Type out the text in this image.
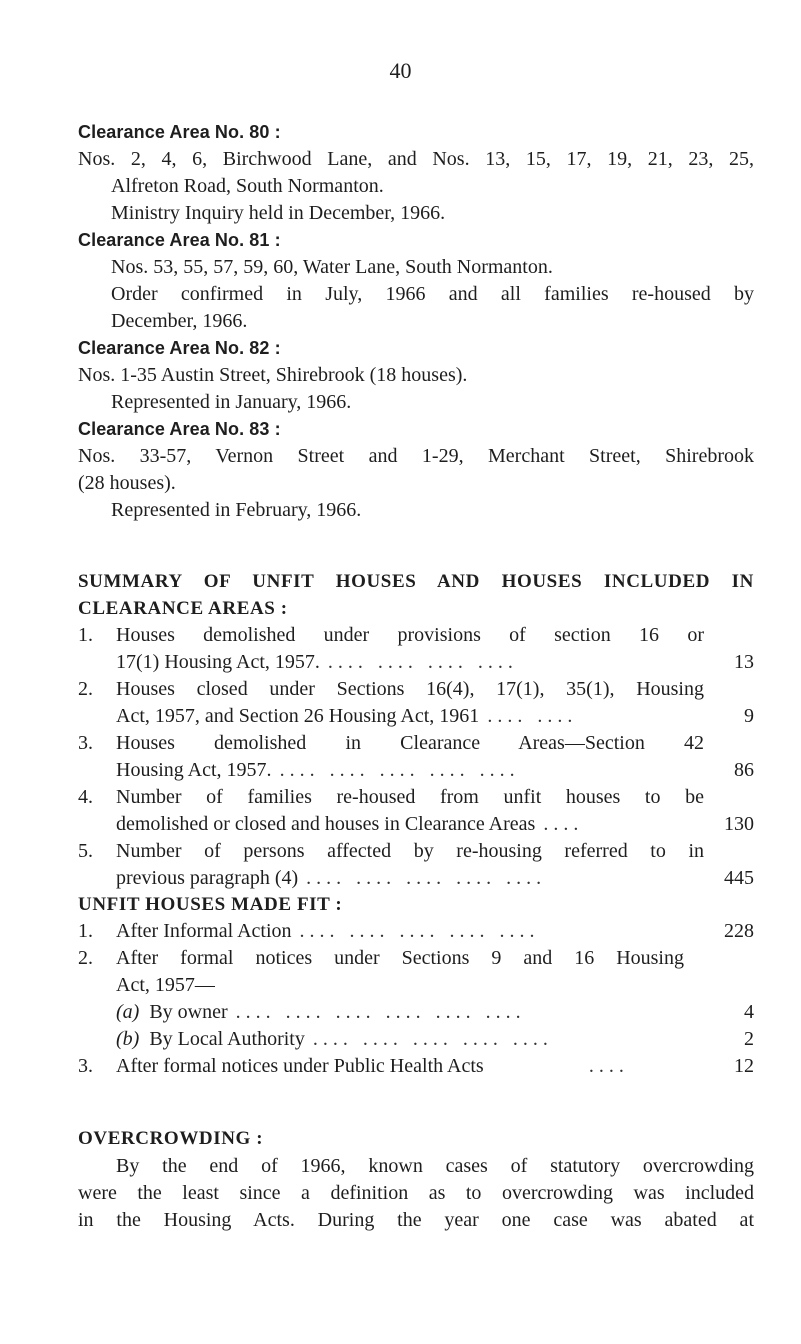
40
Clearance Area No. 80 :
Nos. 2, 4, 6, Birchwood Lane, and Nos. 13, 15, 17, 19, 21, 23, 25,
Alfreton Road, South Normanton.
Ministry Inquiry held in December, 1966.
Clearance Area No. 81 :
Nos. 53, 55, 57, 59, 60, Water Lane, South Normanton.
Order confirmed in July, 1966 and all families re-housed by
December, 1966.
Clearance Area No. 82 :
Nos. 1-35 Austin Street, Shirebrook (18 houses).
Represented in January, 1966.
Clearance Area No. 83 :
Nos. 33-57, Vernon Street and 1-29, Merchant Street, Shirebrook
(28 houses).
Represented in February, 1966.
SUMMARY OF UNFIT HOUSES AND HOUSES INCLUDED IN
CLEARANCE AREAS :
1. Houses demolished under provisions of section 16 or
17(1) Housing Act, 1957. .... .... .... ....	13
2. Houses closed under Sections 16(4), 17(1), 35(1), Housing
Act, 1957, and Section 26 Housing Act, 1961 .... ....	9
3. Houses demolished in Clearance Areas—Section 42
Housing Act, 1957. .... .... .... .... ....	86
4. Number of families re-housed from unfit houses to be
demolished or closed and houses in Clearance Areas ....	130
5. Number of persons affected by re-housing referred to in
previous paragraph (4) .... .... .... .... ....	445
UNFIT HOUSES MADE FIT :
1. After Informal Action .... .... .... .... ....	228
2. After formal notices under Sections 9 and 16 Housing
Act, 1957—
(a) By owner .... .... .... .... .... ....	4
(b) By Local Authority .... .... .... .... ....	2
3. After formal notices under Public Health Acts	....	12
OVERCROWDING :
By the end of 1966, known cases of statutory overcrowding
were the least since a definition as to overcrowding was included
in the Housing Acts. During the year one case was abated at
